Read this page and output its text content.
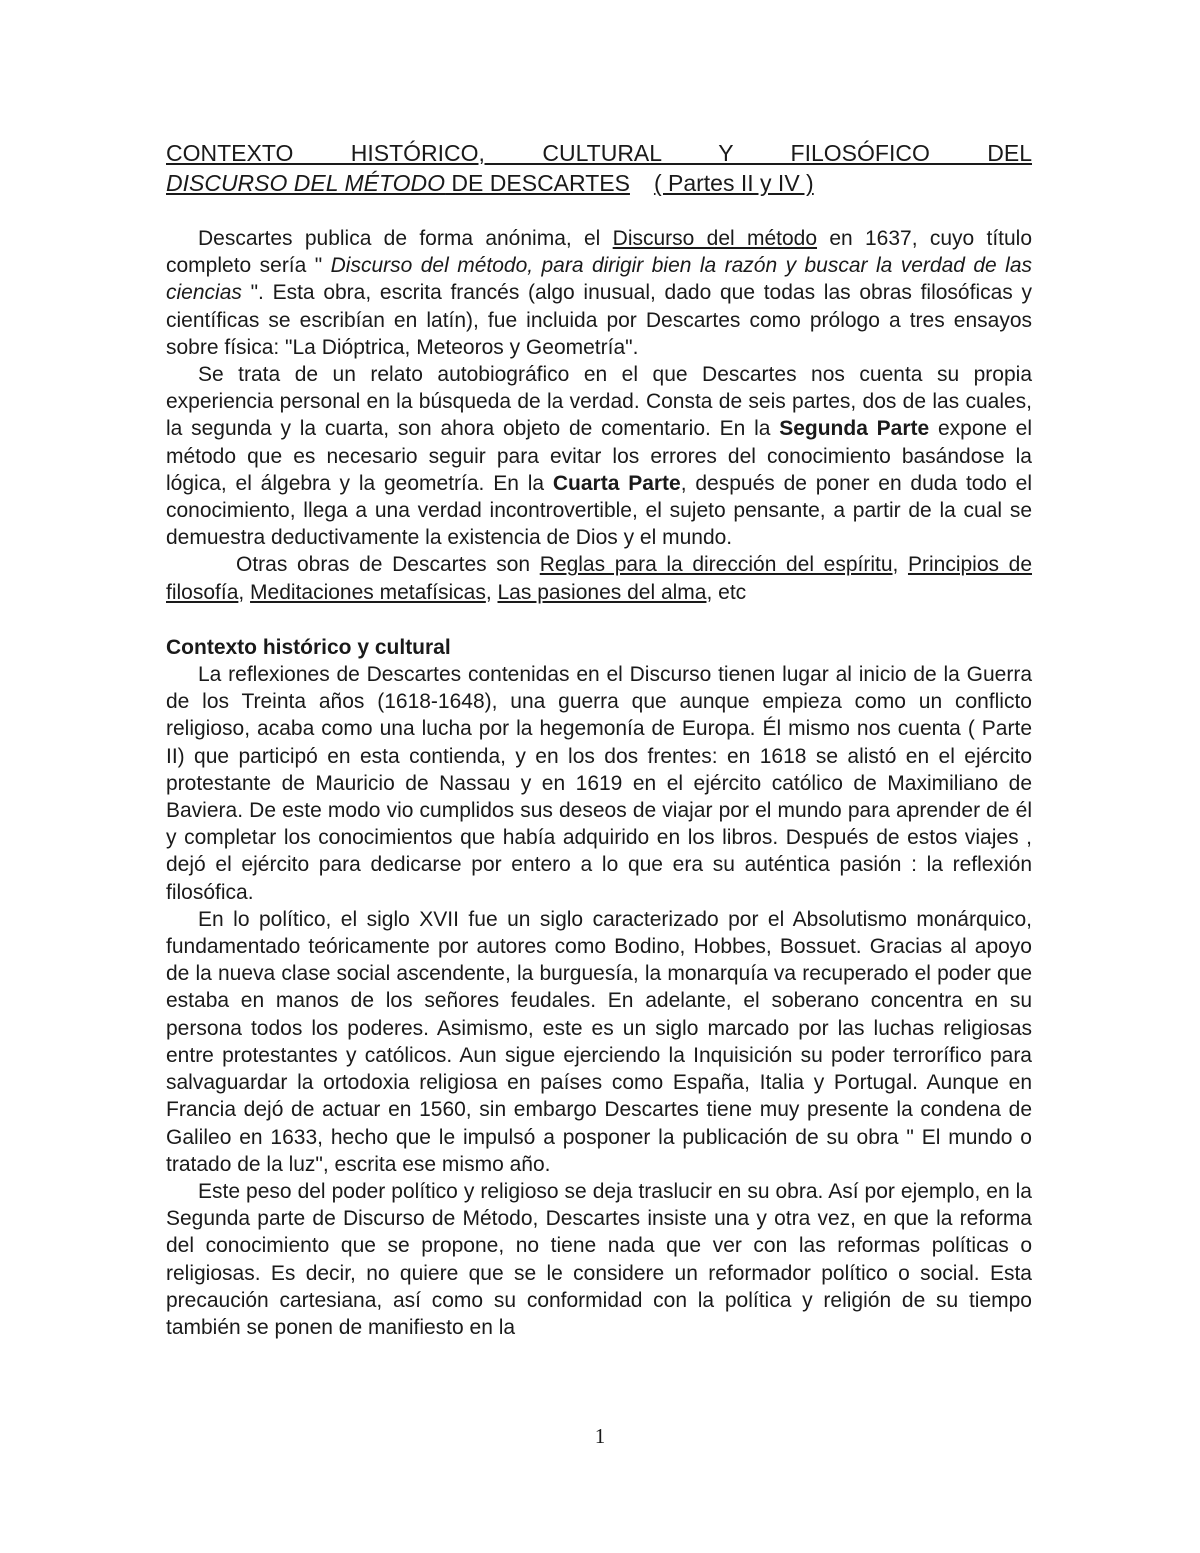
CONTEXTO HISTÓRICO, CULTURAL Y FILOSÓFICO DEL
DISCURSO DEL MÉTODO DE DESCARTES ( Partes II y IV )

Descartes publica de forma anónima, el Discurso del método en 1637, cuyo título completo sería " Discurso del método, para dirigir bien la razón y buscar la verdad de las ciencias ". Esta obra, escrita francés (algo inusual, dado que todas las obras filosóficas y científicas se escribían en latín), fue incluida por Descartes como prólogo a tres ensayos sobre física: "La Dióptrica, Meteoros y Geometría".

Se trata de un relato autobiográfico en el que Descartes nos cuenta su propia experiencia personal en la búsqueda de la verdad. Consta de seis partes, dos de las cuales, la segunda y la cuarta, son ahora objeto de comentario. En la Segunda Parte expone el método que es necesario seguir para evitar los errores del conocimiento basándose la lógica, el álgebra y la geometría. En la Cuarta Parte, después de poner en duda todo el conocimiento, llega a una verdad incontrovertible, el sujeto pensante, a partir de la cual se demuestra deductivamente la existencia de Dios y el mundo.

Otras obras de Descartes son Reglas para la dirección del espíritu, Principios de filosofía, Meditaciones metafísicas, Las pasiones del alma, etc

Contexto histórico y cultural

La reflexiones de Descartes contenidas en el Discurso tienen lugar al inicio de la Guerra de los Treinta años (1618-1648), una guerra que aunque empieza como un conflicto religioso, acaba como una lucha por la hegemonía de Europa. Él mismo nos cuenta ( Parte II) que participó en esta contienda, y en los dos frentes: en 1618 se alistó en el ejército protestante de Mauricio de Nassau y en 1619 en el ejército católico de Maximiliano de Baviera. De este modo vio cumplidos sus deseos de viajar por el mundo para aprender de él y completar los conocimientos que había adquirido en los libros. Después de estos viajes , dejó el ejército para dedicarse por entero a lo que era su auténtica pasión : la reflexión filosófica.

En lo político, el siglo XVII fue un siglo caracterizado por el Absolutismo monárquico, fundamentado teóricamente por autores como Bodino, Hobbes, Bossuet. Gracias al apoyo de la nueva clase social ascendente, la burguesía, la monarquía va recuperado el poder que estaba en manos de los señores feudales. En adelante, el soberano concentra en su persona todos los poderes. Asimismo, este es un siglo marcado por las luchas religiosas entre protestantes y católicos. Aun sigue ejerciendo la Inquisición su poder terrorífico para salvaguardar la ortodoxia religiosa en países como España, Italia y Portugal. Aunque en Francia dejó de actuar en 1560, sin embargo Descartes tiene muy presente la condena de Galileo en 1633, hecho que le impulsó a posponer la publicación de su obra " El mundo o tratado de la luz", escrita ese mismo año.

Este peso del poder político y religioso se deja traslucir en su obra. Así por ejemplo, en la Segunda parte de Discurso de Método, Descartes insiste una y otra vez, en que la reforma del conocimiento que se propone, no tiene nada que ver con las reformas políticas o religiosas. Es decir, no quiere que se le considere un reformador político o social. Esta precaución cartesiana, así como su conformidad con la política y religión de su tiempo también se ponen de manifiesto en la

1
